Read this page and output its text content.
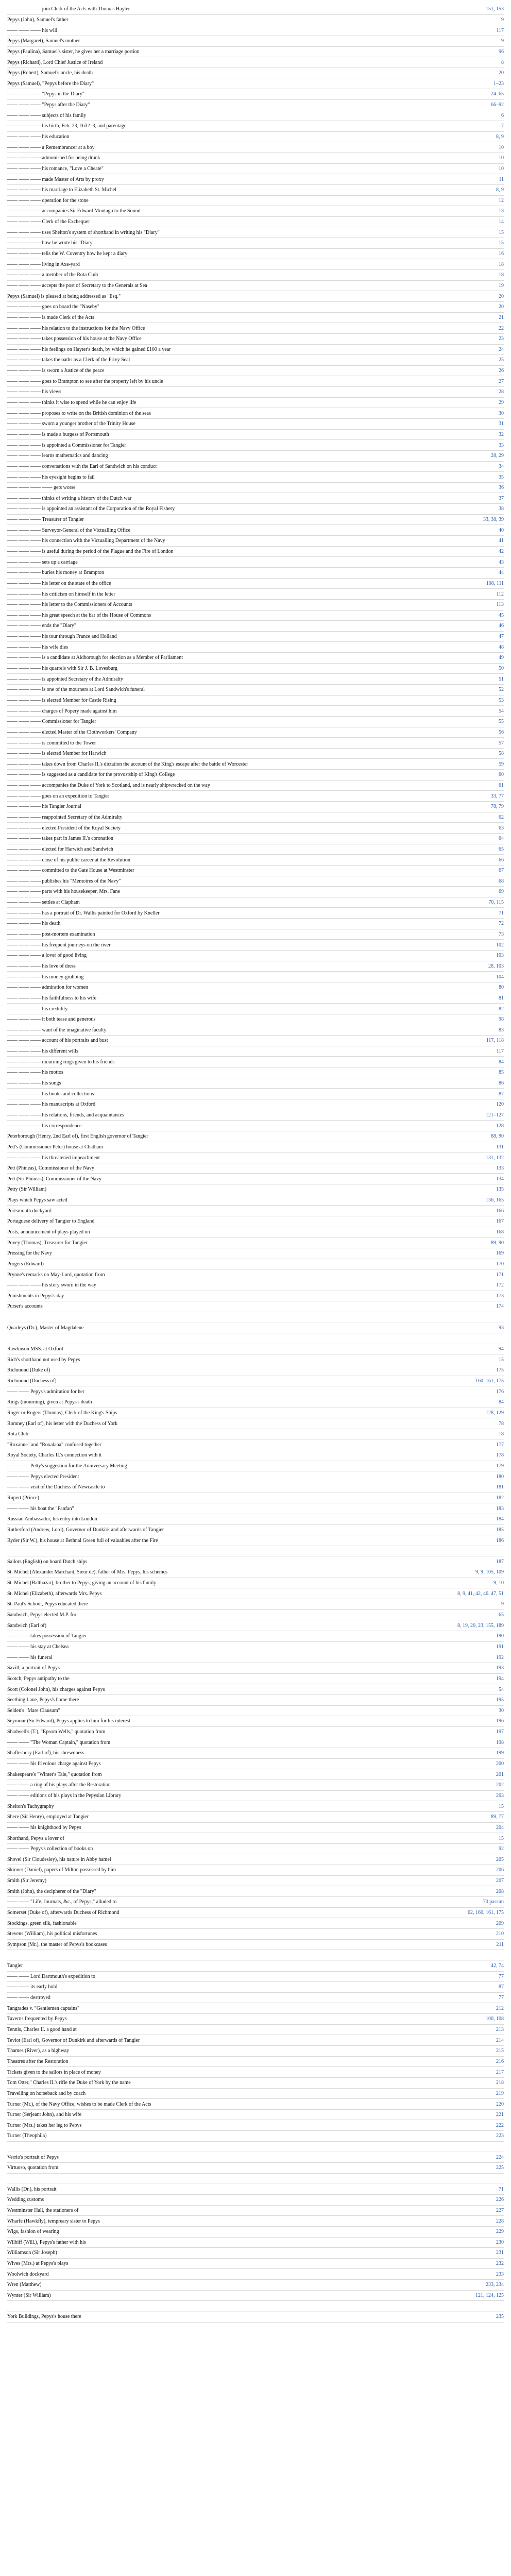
—— —— —— join Clerk of the Acts with Thomas Hayter	151, 153
Pepys (John), Samuel's father	9
—— —— —— his will	117
Pepys (Margaret), Samuel's mother	9
Pepys (Paulina), Samuel's sister, he gives her a marriage portion	96
Pepys (Richard), Lord Chief Justice of Ireland	8
Pepys (Robert), Samuel's uncle, his death	20
Pepys (Samuel), "Pepys before the Diary"	1–23
—— —— —— "Pepys in the Diary"	24–65
—— —— —— "Pepys after the Diary"	66–92
—— —— —— subjects of his family	6
—— —— —— his birth, Feb. 23, 1632–3, and parentage	7
—— —— —— his education	8, 9
—— —— —— a Remembrancer at a boy	10
—— —— —— admonished for being drunk	10
—— —— —— his romance, "Love a Cheate"	10
—— —— —— made Master of Arts by proxy	11
—— —— —— his marriage to Elizabeth St. Michel	8, 9
—— —— —— operation for the stone	12
—— —— —— accompanies Sir Edward Montagu to the Sound	13
—— —— —— Clerk of the Exchequer	14
—— —— —— uses Shelton's system of shorthand in writing his "Diary"	15
—— —— —— how he wrote his "Diary"	15
—— —— —— tells the W. Coventry how he kept a diary	16
—— —— —— living in Axe-yard	18
—— —— —— a member of the Rota Club	18
—— —— —— accepts the post of Secretary to the Generals at Sea	19
Pepys (Samuel) is pleased at being addressed as "Esq."	20
—— —— —— goes on board the "Naseby"	20
—— —— —— is made Clerk of the Acts	21
—— —— —— his relation to the instructions for the Navy Office	22
—— —— —— takes possession of his house at the Navy Office	23
—— —— —— his feelings on Hayter's death, by which he gained £100 a year	24
—— —— —— takes the oaths as a Clerk of the Privy Seal	25
—— —— —— is sworn a Justice of the peace	26
—— —— —— goes to Brampton to see after the property left by his uncle	27
—— —— —— his views	28
—— —— —— thinks it wise to spend while he can enjoy life	29
—— —— —— proposes to write on the British dominion of the seas	30
—— —— —— sworn a younger brother of the Trinity House	31
—— —— —— is made a burgess of Portsmouth	32
—— —— —— is appointed a Commissioner for Tangier	33
—— —— —— learns mathematics and dancing	28, 29
—— —— —— conversations with the Earl of Sandwich on his conduct	34
—— —— —— his eyesight begins to fail	35
—— —— —— —— gets worse	36
—— —— —— thinks of writing a history of the Dutch war	37
—— —— —— is appointed an assistant of the Corporation of the Royal Fishery	38
—— —— —— Treasurer of Tangier	33, 38, 39
—— —— —— Surveyor-General of the Victualling Office	40
—— —— —— his connection with the Victualling Department of the Navy	41
—— —— —— is useful during the period of the Plague and the Fire of London	42
—— —— —— sets up a carriage	43
—— —— —— buries his money at Brampton	44
—— —— —— his letter on the state of the office	108, 111
—— —— —— his criticism on himself in the letter	112
—— —— —— his letter to the Commissioners of Accounts	113
—— —— —— his great speech at the bar of the House of Commons	45
—— —— —— ends the "Diary"	46
—— —— —— his tour through France and Holland	47
—— —— —— his wife dies	48
—— —— —— is a candidate at Aldborough for election as a Member of Parliament	49
—— —— —— his quarrels with Sir J. B. Lovesburg	50
—— —— —— is appointed Secretary of the Admiralty	51
—— —— —— is one of the mourners at Lord Sandwich's funeral	52
—— —— —— is elected Member for Castle Rising	53
—— —— —— charges of Popery made against him	54
—— —— —— Commissioner for Tangier	55
—— —— —— elected Master of the Clothworkers' Company	56
—— —— —— is committed to the Tower	57
—— —— —— is elected Member for Harwich	58
—— —— —— takes down from Charles II.'s dictation the account of the King's escape after the battle of Worcester	59
—— —— —— is suggested as a candidate for the provostship of King's College	60
—— —— —— accompanies the Duke of York to Scotland, and is nearly shipwrecked on the way	61
—— —— —— goes on an expedition to Tangier	33, 77
—— —— —— his Tangier Journal	78, 79
—— —— —— reappointed Secretary of the Admiralty	62
—— —— —— elected President of the Royal Society	63
—— —— —— takes part in James II.'s coronation	64
—— —— —— elected for Harwich and Sandwich	65
—— —— —— close of his public career at the Revolution	66
—— —— —— committed to the Gate House at Westminster	67
—— —— —— publishes his "Memoires of the Navy"	68
—— —— —— parts with his housekeeper, Mrs. Fane	69
—— —— —— settles at Clapham	70, 115
—— —— —— has a portrait of Dr. Wallis painted for Oxford by Kneller	71
—— —— —— his death	72
—— —— —— post-mortem examination	73
—— —— —— his frequent journeys on the river	102
—— —— —— a lover of good living	103
—— —— —— his love of dress	28, 103
—— —— —— his money-grubbing	104
—— —— —— admiration for women	80
—— —— —— his faithfulness to his wife	81
—— —— —— his credulity	82
—— —— —— it both tease and generous	98
—— —— —— want of the imaginative faculty	83
—— —— —— account of his portraits and bust	117, 118
—— —— —— his different wills	117
—— —— —— mourning rings given to his friends	84
—— —— —— his mottos	85
—— —— —— his songs	86
—— —— —— his books and collections	87
—— —— —— his manuscripts at Oxford	120
—— —— —— his relations, friends, and acquaintances	121–127
—— —— —— his correspondence	128
Peterborough (Henry, 2nd Earl of), first English governor of Tangier	88, 90
Pett's (Commissioner Peter) house at Chatham	131
—— —— —— his threatened impeachment	131, 132
Pett (Phineas), Commissioner of the Navy	133
Pett (Sir Phineas), Commissioner of the Navy	134
Petty (Sir William)	135
Plays which Pepys saw acted	136, 165
Portsmouth dockyard	166
Portuguese delivery of Tangier to England	167
Posts, announcement of plays played on	168
Povey (Thomas), Treasurer for Tangier	89, 90
Pressing for the Navy	169
Progers (Edward)	170
Prynne's remarks on May-Lord, quotation from	171
—— —— —— his story sworn in the way	172
Punishments in Pepys's day	173
Purser's accounts	174
Quarleys (Dr.), Master of Magdalene	93
Rawlinson MSS. at Oxford	94
Rich's shorthand not used by Pepys	15
Richmond (Duke of)	175
Richmond (Duchess of)	160, 161, 175
—— —— Pepys's admiration for her	176
Rings (mourning), given at Pepys's death	84
Roger or Rogers (Thomas), Clerk of the King's Ships	128, 129
Romney (Earl of), his letter with the Duchess of York	78
Rota Club	18
"Roxanne" and "Roxalana" confused together	177
Royal Society, Charles II.'s connection with it	178
—— —— Petty's suggestion for the Anniversary Meeting	179
—— —— Pepys elected President	180
—— —— visit of the Duchess of Newcastle to	181
Rupert (Prince)	182
—— —— his boat the "Fanfan"	183
Russian Ambassador, his entry into London	184
Rutherford (Andrew, Lord), Governor of Dunkirk and afterwards of Tangier	185
Ryder (Sir W.), his house at Bethnal Green full of valuables after the Fire	186
Sailors (English) on board Dutch ships	187
St. Michel (Alexander Marchant, Sieur de), father of Mrs. Pepys, his schemes	9, 9, 105, 109
St. Michel (Balthazar), brother to Pepys, giving an account of his family	9, 10
St. Michel (Elizabeth), afterwards Mrs. Pepys	8, 9, 41, 42, 46, 47, 51
St. Paul's School, Pepys educated there	9
Sandwich, Pepys elected M.P. for	65
Sandwich (Earl of)	8, 19, 20, 23, 155, 189
—— —— takes possession of Tangier	190
—— —— his stay at Chelsea	191
—— —— his funeral	192
Savill, a portrait of Pepys	193
Scotch, Pepys antipathy to the	194
Scott (Colonel John), his charges against Pepys	54
Seething Lane, Pepys's home there	195
Selden's "Mare Clausum"	30
Seymour (Sir Edward), Pepys applies to him for his interest	196
Shadwell's (T.), "Epsom Wells," quotation from	197
—— —— "The Woman Captain," quotation from	198
Shaftesbury (Earl of), his shrewdness	199
—— —— his frivolous charge against Pepys	200
Shakespeare's "Winter's Tale," quotation from	201
—— —— a ring of his plays after the Restoration	202
—— —— editions of his plays in the Pepysian Library	203
Shelton's Tachygraphy	15
Shere (Sir Henry), employed at Tangier	89, 77
—— —— his knighthood by Pepys	204
Shorthand, Pepys a lover of	15
—— —— Pepys's collection of books on	92
Shovel (Sir Cloudesley), his nature in Abby hamel	205
Skinner (Daniel), papers of Milton possessed by him	206
Smith (Sir Jeremy)	207
Smith (John), the decipherer of the "Diary"	208
—— —— "Life, Journals, &c., of Pepys," alluded to	70 passim
Somerset (Duke of), afterwards Duchess of Richmond	62, 160, 161, 175
Stockings, green silk, fashionable	209
Stevens (William), his political misfortunes	210
Sympson (Mr.), the master of Pepys's bookcases	211
Tangier	42, 74
—— —— Lord Dartmouth's expedition to	77
—— —— its early hold	87
—— —— destroyed	77
Tangrades v. "Gentlemen captains"	212
Taverns frequented by Pepys	100, 108
Tennis, Charles II. a good hand at	213
Teviot (Earl of), Governor of Dunkirk and afterwards of Tangier	214
Thames (River), as a highway	215
Theatres after the Restoration	216
Tickets given to the sailors in place of money	217
Tom Otter," Charles II.'s rifle the Duke of York by the name	218
Travelling on horseback and by coach	219
Turner (Mr.), of the Navy Office, wishes to be made Clerk of the Acts	220
Turner (Serjeant John), and his wife	221
Turner (Mrs.) takes her leg to Pepys	222
Turner (Theophila)	223
Verrio's portrait of Pepys	224
Virtuoso, quotation from	225
Wallis (Dr.), his portrait	71
Wedding customs	226
Westminster Hall, the stationers of	227
Wharfe (Hawkfly), tempreary sister to Pepys	228
Wigs, fashion of wearing	229
Wilbiff (Will.), Pepys's father with his	230
Williamson (Sir Joseph)	231
Wives (Mrs.) at Pepys's plays	232
Woolwich dockyard	233
Wren (Matthew)	233, 234
Wynter (Sir William)	121, 124, 125
York Buildings, Pepys's house there	235
